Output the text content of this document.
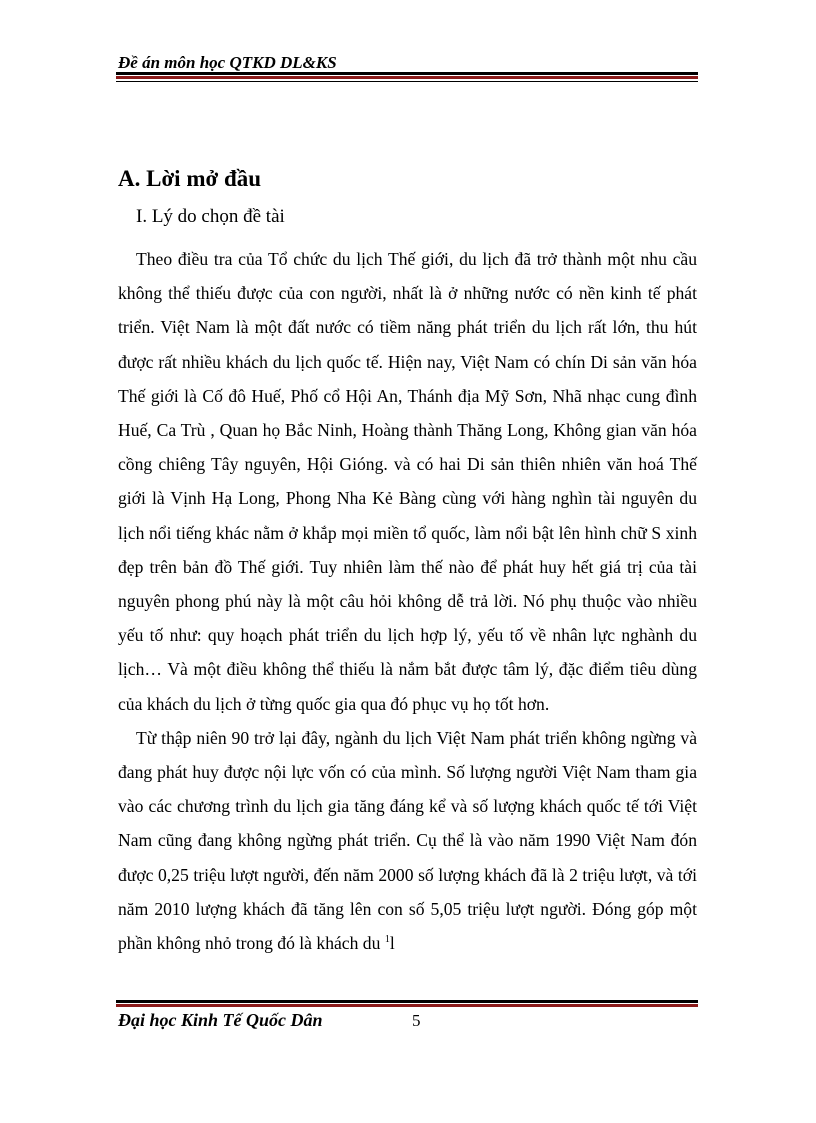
Đề án môn học QTKD DL&KS
A. Lời mở đầu
I. Lý do chọn đề tài

Theo điều tra của Tổ chức du lịch Thế giới, du lịch đã trở thành một nhu cầu không thể thiếu được của con người, nhất là ở những nước có nền kinh tế phát triển. Việt Nam là một đất nước có tiềm năng phát triển du lịch rất lớn, thu hút được rất nhiều khách du lịch quốc tế. Hiện nay, Việt Nam có chín Di sản văn hóa Thế giới là Cố đô Huế, Phố cổ Hội An, Thánh địa Mỹ Sơn, Nhã nhạc cung đình Huế, Ca Trù , Quan họ Bắc Ninh, Hoàng thành Thăng Long, Không gian văn hóa cồng chiêng Tây nguyên, Hội Gióng. và có hai Di sản thiên nhiên văn hoá Thế giới là Vịnh Hạ Long, Phong Nha Kẻ Bàng cùng với hàng nghìn tài nguyên du lịch nổi tiếng khác nằm ở khắp mọi miền tổ quốc, làm nổi bật lên hình chữ S xinh đẹp trên bản đồ Thế giới. Tuy nhiên làm thế nào để phát huy hết giá trị của tài nguyên phong phú này là một câu hỏi không dễ trả lời. Nó phụ thuộc vào nhiều yếu tố như: quy hoạch phát triển du lịch hợp lý, yếu tố về nhân lực nghành du lịch… Và một điều không thể thiếu là nắm bắt được tâm lý, đặc điểm tiêu dùng của khách du lịch ở từng quốc gia qua đó phục vụ họ tốt hơn.

Từ thập niên 90 trở lại đây, ngành du lịch Việt Nam phát triển không ngừng và đang phát huy được nội lực vốn có của mình. Số lượng người Việt Nam tham gia vào các chương trình du lịch gia tăng đáng kể và số lượng khách quốc tế tới Việt Nam cũng đang không ngừng phát triển. Cụ thể là vào năm 1990 Việt Nam đón được 0,25 triệu lượt người, đến năm 2000 số lượng khách đã là 2 triệu lượt, và tới năm 2010 lượng khách đã tăng lên con số 5,05 triệu lượt người. Đóng góp một phần không nhỏ trong đó là khách du $^1$l

Đại học Kinh Tế Quốc Dân	5
